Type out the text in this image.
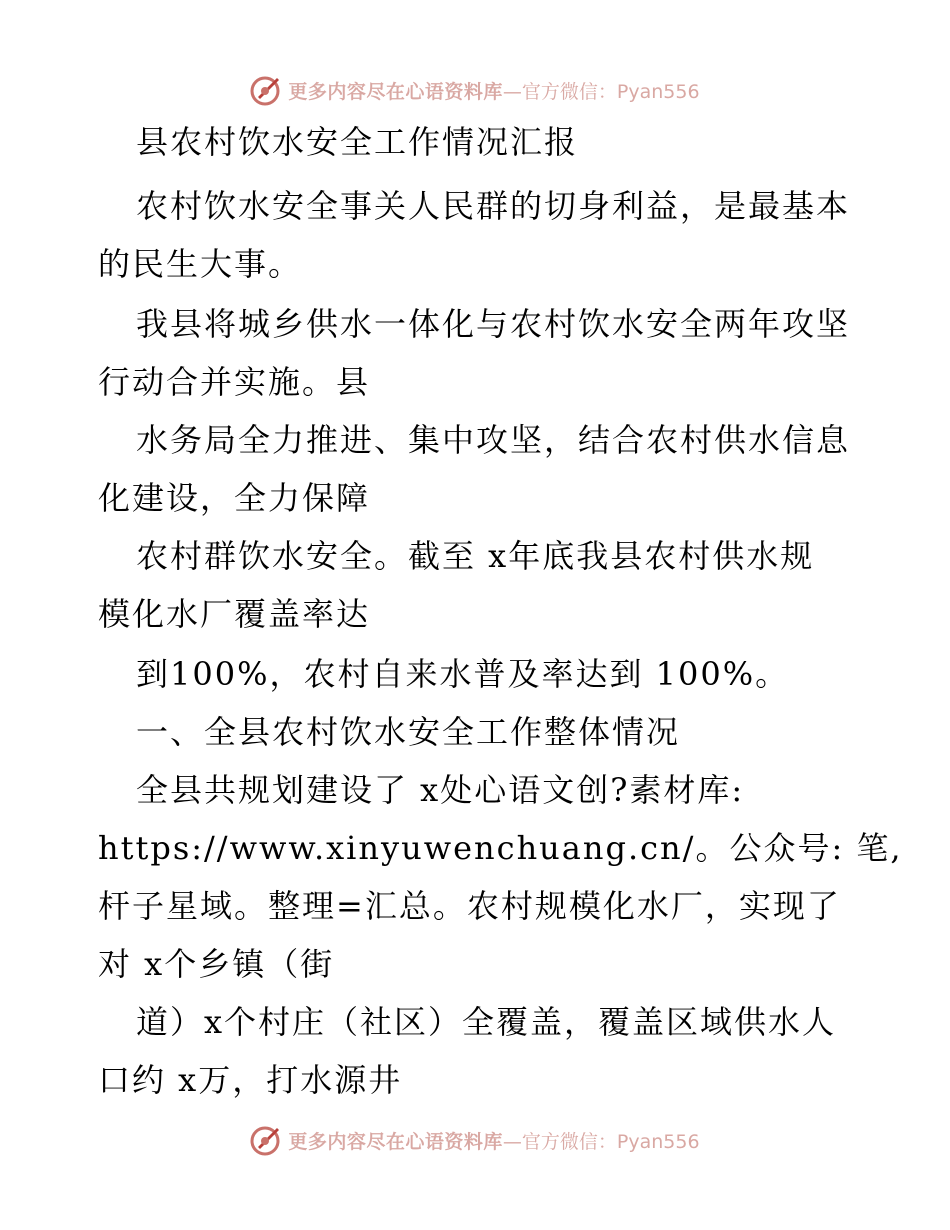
更多内容尽在心语资料库 —官方微信：Pyan556
县农村饮水安全工作情况汇报
农村饮水安全事关人民群的切身利益，是最基本
的民生大事。
我县将城乡供水一体化与农村饮水安全两年攻坚
行动合并实施。县
水务局全力推进、集中攻坚，结合农村供水信息
化建设，全力保障
农村群饮水安全。截至 x年底我县农村供水规
模化水厂覆盖率达
到100%，农村自来水普及率达到 100%。
一、全县农村饮水安全工作整体情况
全县共规划建设了 x处心语文创?素材库:
https://www.xinyuwenchuang.cn/。公众号: 笔,
杆子星域。整理=汇总。农村规模化水厂，实现了
对 x个乡镇（街
道）x个村庄（社区）全覆盖，覆盖区域供水人
口约 x万，打水源井
更多内容尽在心语资料库 —官方微信：Pyan556
